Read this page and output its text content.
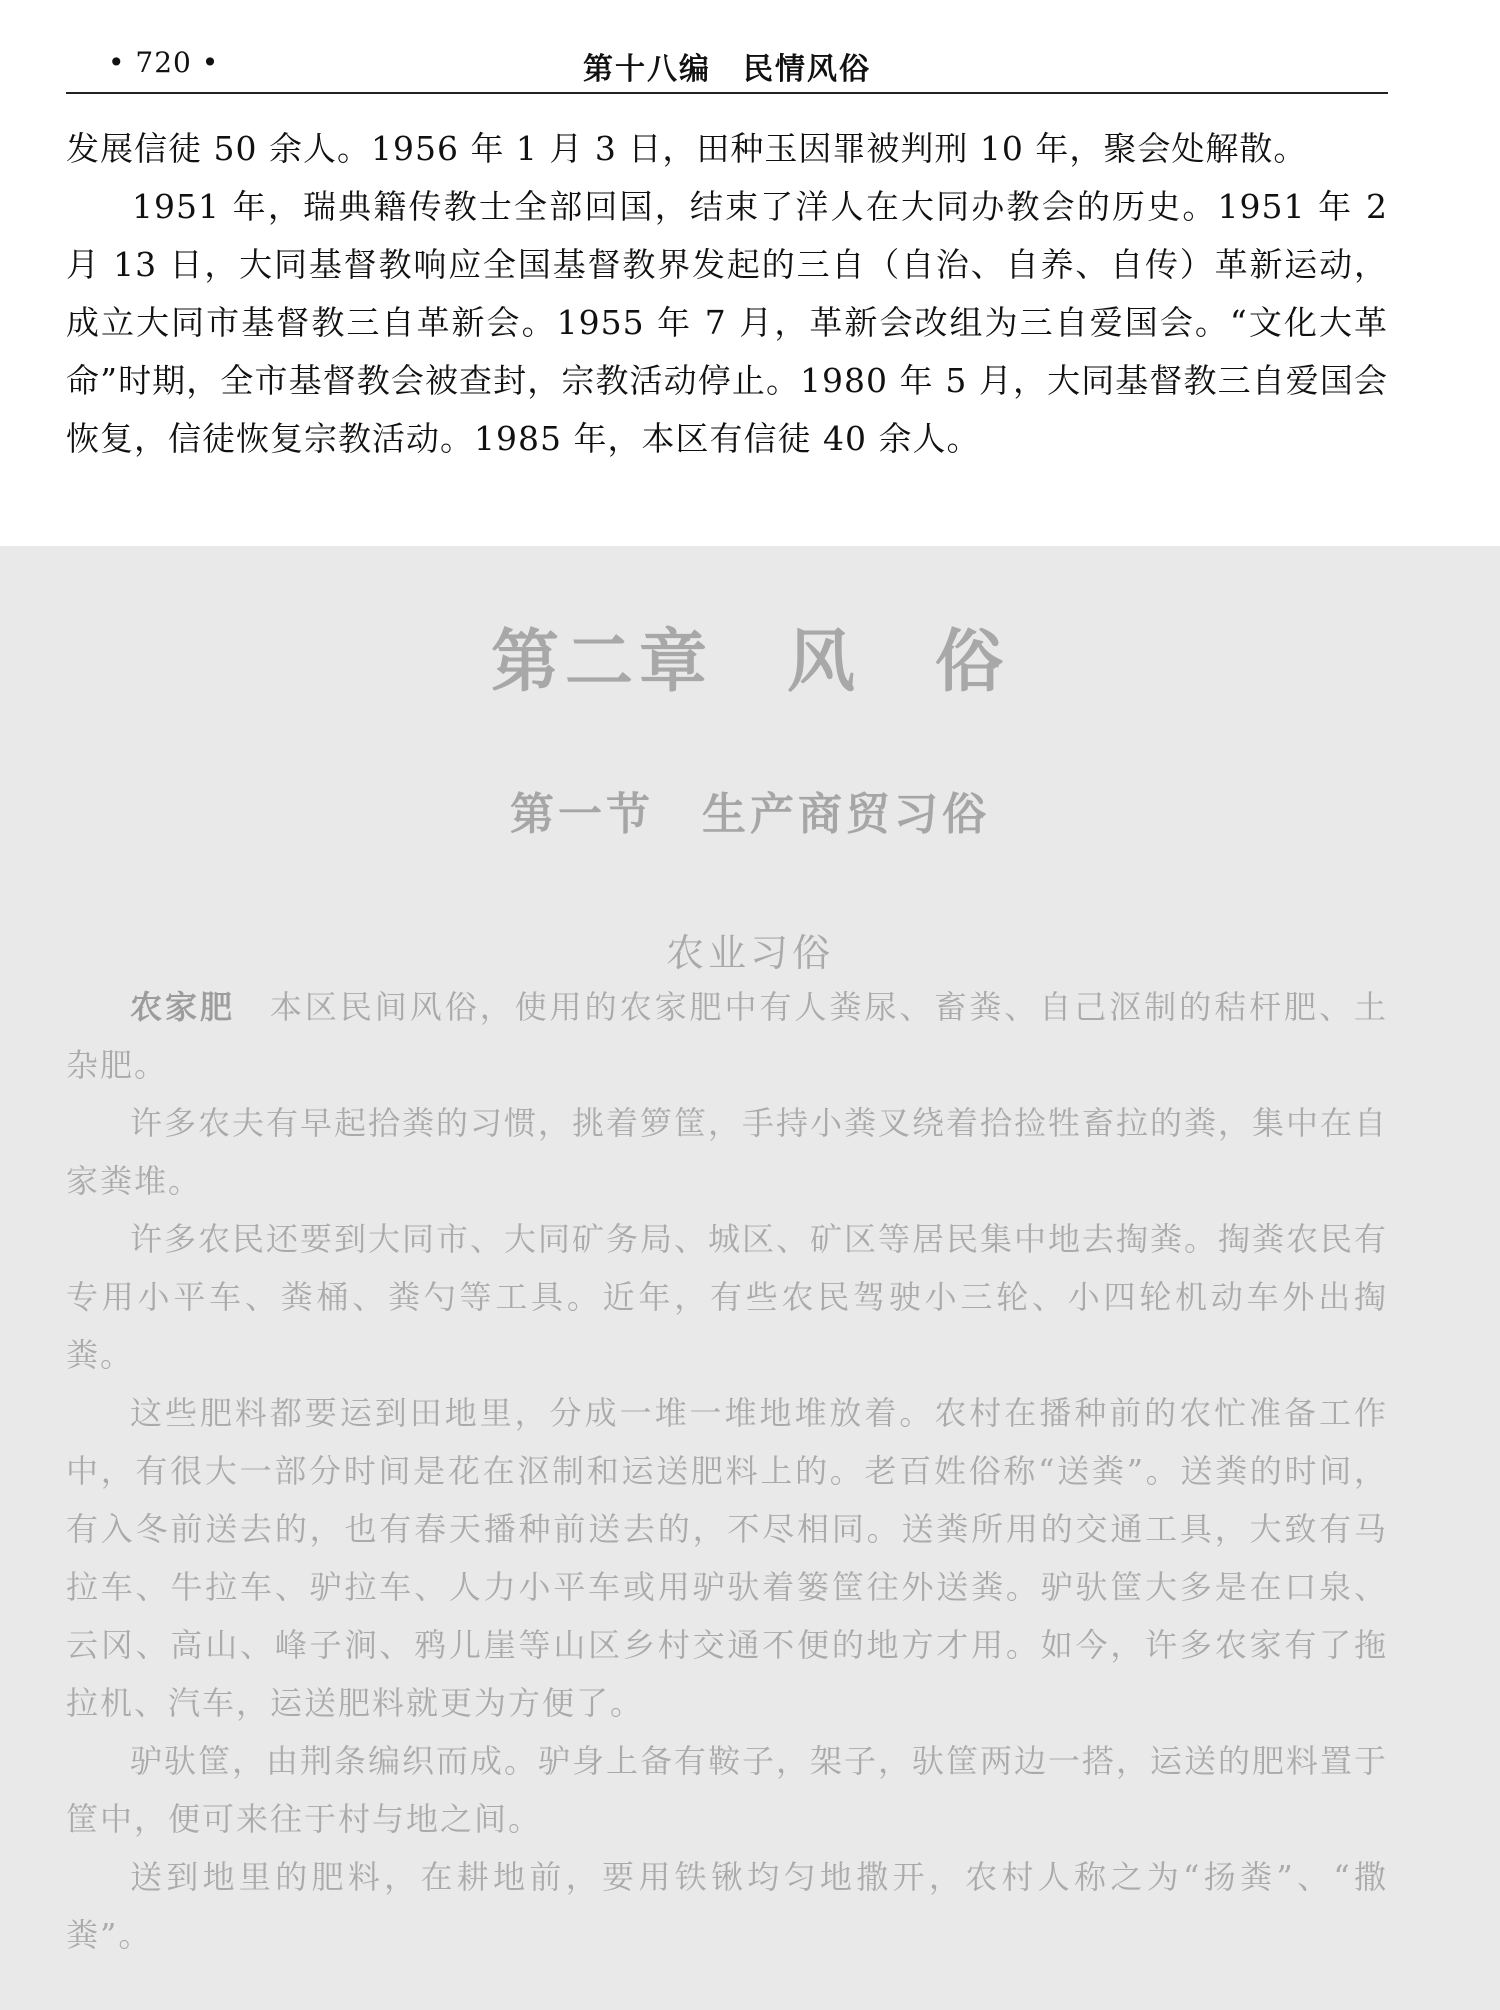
• 720 •	第十八编　民情风俗

发展信徒 50 余人。1956 年 1 月 3 日，田种玉因罪被判刑 10 年，聚会处解散。

1951 年，瑞典籍传教士全部回国，结束了洋人在大同办教会的历史。1951 年 2 月 13 日，大同基督教响应全国基督教界发起的三自（自治、自养、自传）革新运动，成立大同市基督教三自革新会。1955 年 7 月，革新会改组为三自爱国会。“文化大革命”时期，全市基督教会被查封，宗教活动停止。1980 年 5 月，大同基督教三自爱国会恢复，信徒恢复宗教活动。1985 年，本区有信徒 40 余人。

第二章　风　俗
第一节　生产商贸习俗
农业习俗

农家肥　本区民间风俗，使用的农家肥中有人粪尿、畜粪、自己沤制的秸杆肥、土杂肥。

许多农夫有早起拾粪的习惯，挑着箩筐，手持小粪叉绕着拾捡牲畜拉的粪，集中在自家粪堆。

许多农民还要到大同市、大同矿务局、城区、矿区等居民集中地去掏粪。掏粪农民有专用小平车、粪桶、粪勺等工具。近年，有些农民驾驶小三轮、小四轮机动车外出掏粪。

这些肥料都要运到田地里，分成一堆一堆地堆放着。农村在播种前的农忙准备工作中，有很大一部分时间是花在沤制和运送肥料上的。老百姓俗称“送粪”。送粪的时间，有入冬前送去的，也有春天播种前送去的，不尽相同。送粪所用的交通工具，大致有马拉车、牛拉车、驴拉车、人力小平车或用驴驮着篓筐往外送粪。驴驮筐大多是在口泉、云冈、高山、峰子涧、鸦儿崖等山区乡村交通不便的地方才用。如今，许多农家有了拖拉机、汽车，运送肥料就更为方便了。

驴驮筐，由荆条编织而成。驴身上备有鞍子，架子，驮筐两边一搭，运送的肥料置于筐中，便可来往于村与地之间。

送到地里的肥料，在耕地前，要用铁锹均匀地撒开，农村人称之为“扬粪”、“撒粪”。
